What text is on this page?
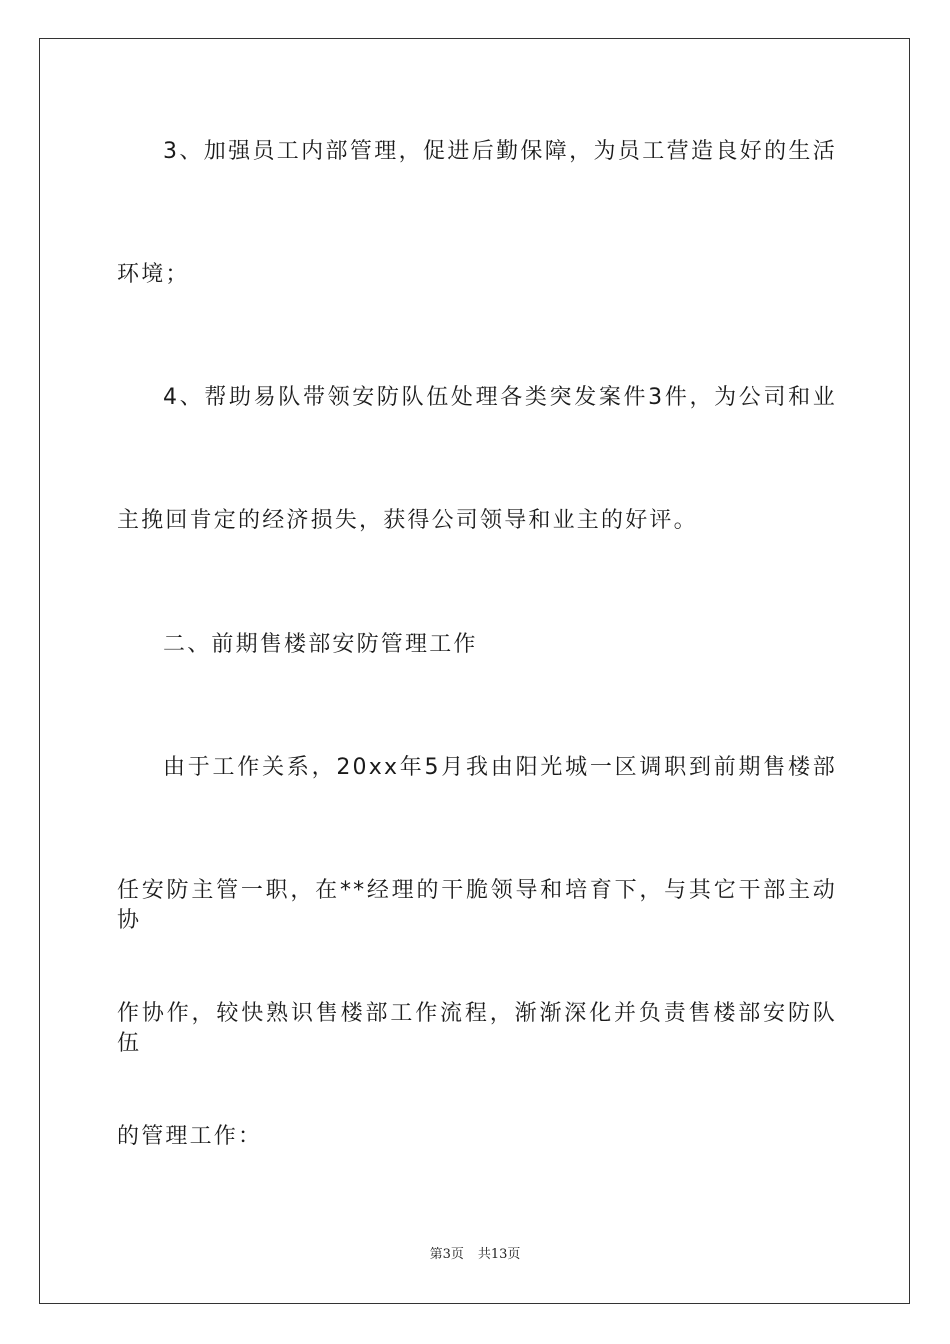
3、加强员工内部管理，促进后勤保障，为员工营造良好的生活
环境；
4、帮助易队带领安防队伍处理各类突发案件3件，为公司和业
主挽回肯定的经济损失，获得公司领导和业主的好评。
二、前期售楼部安防管理工作
由于工作关系，20xx年5月我由阳光城一区调职到前期售楼部
任安防主管一职，在**经理的干脆领导和培育下，与其它干部主动协
作协作，较快熟识售楼部工作流程，渐渐深化并负责售楼部安防队伍
的管理工作：
第3页 共13页
